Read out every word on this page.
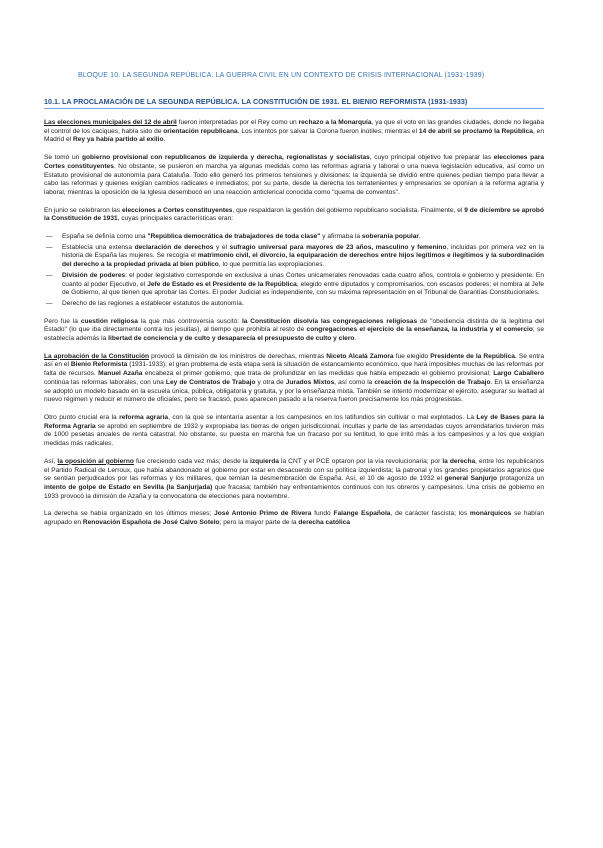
BLOQUE 10. LA SEGUNDA REPÚBLICA. LA GUERRA CIVIL EN UN CONTEXTO DE CRISIS INTERNACIONAL (1931-1939)
10.1. LA PROCLAMACIÓN DE LA SEGUNDA REPÚBLICA. LA CONSTITUCIÓN DE 1931. EL BIENIO REFORMISTA (1931-1933)

Las elecciones municipales del 12 de abril fueron interpretadas por el Rey como un rechazo a la Monarquía, ya que el voto en las grandes ciudades, donde no llegaba el control de los caciques, había sido de orientación republicana. Los intentos por salvar la Corona fueron inútiles; mientras el 14 de abril se proclamó la República, en Madrid el Rey ya había partido al exilio.

Se tomó un gobierno provisional con republicanos de izquierda y derecha, regionalistas y socialistas, cuyo principal objetivo fue preparar las elecciones para Cortes constituyentes. No obstante, se pusieron en marcha ya algunas medidas como las reformas agraria y laboral o una nueva legislación educativa, así como un Estatuto provisional de autonomía para Cataluña. Todo ello generó los primeros tensiones y divisiones: la izquierda se dividió entre quienes pedían tiempo para llevar a cabo las reformas y quienes exigían cambios radicales e inmediatos; por su parte, desde la derecha los terratenientes y empresarios se oponían a la reforma agraria y laboral, mientras la oposición de la Iglesia desembocó en una reacción anticlerical conocida como "quema de conventos".

En junio se celebraron las elecciones a Cortes constituyentes, que respaldaron la gestión del gobierno republicano socialista. Finalmente, el 9 de diciembre se aprobó la Constitución de 1931, cuyas principales características eran:

— España se definía como una "República democrática de trabajadores de toda clase" y afirmaba la soberanía popular.
— Establecía una extensa declaración de derechos y el sufragio universal para mayores de 23 años, masculino y femenino, incluidas por primera vez en la historia de España las mujeres. Se recogía el matrimonio civil, el divorcio, la equiparación de derechos entre hijos legítimos e ilegítimos y la subordinación del derecho a la propiedad privada al bien público, lo que permitía las expropiaciones.
— División de poderes: el poder legislativo corresponde en exclusiva a unas Cortes unicamerales renovadas cada cuatro años, controla e gobierno y presidente. En cuanto al poder Ejecutivo, el Jefe de Estado es el Presidente de la República, elegido entre diputados y compromisarios, con escasos poderes; el nombra al Jefe de Gobierno, al que tienen que aprobar las Cortes. El poder Judicial es independiente, con su máxima representación en el Tribunal de Garantías Constitucionales.
— Derecho de las regiones a establecer estatutos de autonomía.

Pero fue la cuestión religiosa la que más controversia suscitó: la Constitución disolvía las congregaciones religiosas de "obediencia distinta de la legítima del Estado" (lo que iba directamente contra los jesuitas), al tiempo que prohibía al resto de congregaciones el ejercicio de la enseñanza, la industria y el comercio; se establecía además la libertad de conciencia y de culto y desaparecía el presupuesto de culto y clero.

La aprobación de la Constitución provocó la dimisión de los ministros de derechas, mientras Niceto Alcalá Zamora fue elegido Presidente de la República. Se entra así en el Bienio Reformista (1931-1933); el gran problema de esta etapa será la situación de estancamiento económico, que hará imposibles muchas de las reformas por falta de recursos. Manuel Azaña encabeza el primer gobierno, que trata de profundizar en las medidas que había empezado el gobierno provisional; Largo Caballero continúa las reformas laborales, con una Ley de Contratos de Trabajo y otra de Jurados Mixtos, así como la creación de la Inspección de Trabajo. En la enseñanza se adoptó un modelo basado en la escuela única, pública, obligatoria y gratuita, y por la enseñanza mixta. También se intentó modernizar el ejército, asegurar su lealtad al nuevo régimen y reducir el número de oficiales, pero se fracasó, pues aparecen pasado a la reserva fueron precisamente los más progresistas.

Otro punto crucial era la reforma agraria, con la que se intentaría asentar a los campesinos en los latifundios sin cultivar o mal explotados. La Ley de Bases para la Reforma Agraria se aprobó en septiembre de 1932 y expropiaba las tierras de origen jurisdiccional, incultas y parte de las arrendadas cuyos arrendatarios tuvieron más de 1000 pesetas anuales de renta catastral. No obstante, su puesta en marcha fue un fracaso por su lentitud, lo que irritó más a los campesinos y a los que exigían medidas más radicales.

Así, la oposición al gobierno fue creciendo cada vez más; desde la izquierda la CNT y el PCE optaron por la vía revolucionaria; por la derecha, entre los republicanos el Partido Radical de Lerroux, que había abandonado el gobierno por estar en desacuerdo con su política izquierdista; la patronal y los grandes propietarios agrarios que se sentían perjudicados por las reformas y los militares, que temían la desmembración de España. Así, el 10 de agosto de 1932 el general Sanjurjo protagoniza un intento de golpe de Estado en Sevilla (la Sanjurjada) que fracasa; también hay enfrentamientos continuos con los obreros y campesinos. Una crisis de gobierno en 1933 provocó la dimisión de Azaña y la convocatoria de elecciones para noviembre.

La derecha se había organizado en los últimos meses; José Antonio Primo de Rivera fundó Falange Española, de carácter fascista; los monárquicos se habían agrupado en Renovación Española de José Calvo Sotelo; pero la mayor parte de la derecha católica
